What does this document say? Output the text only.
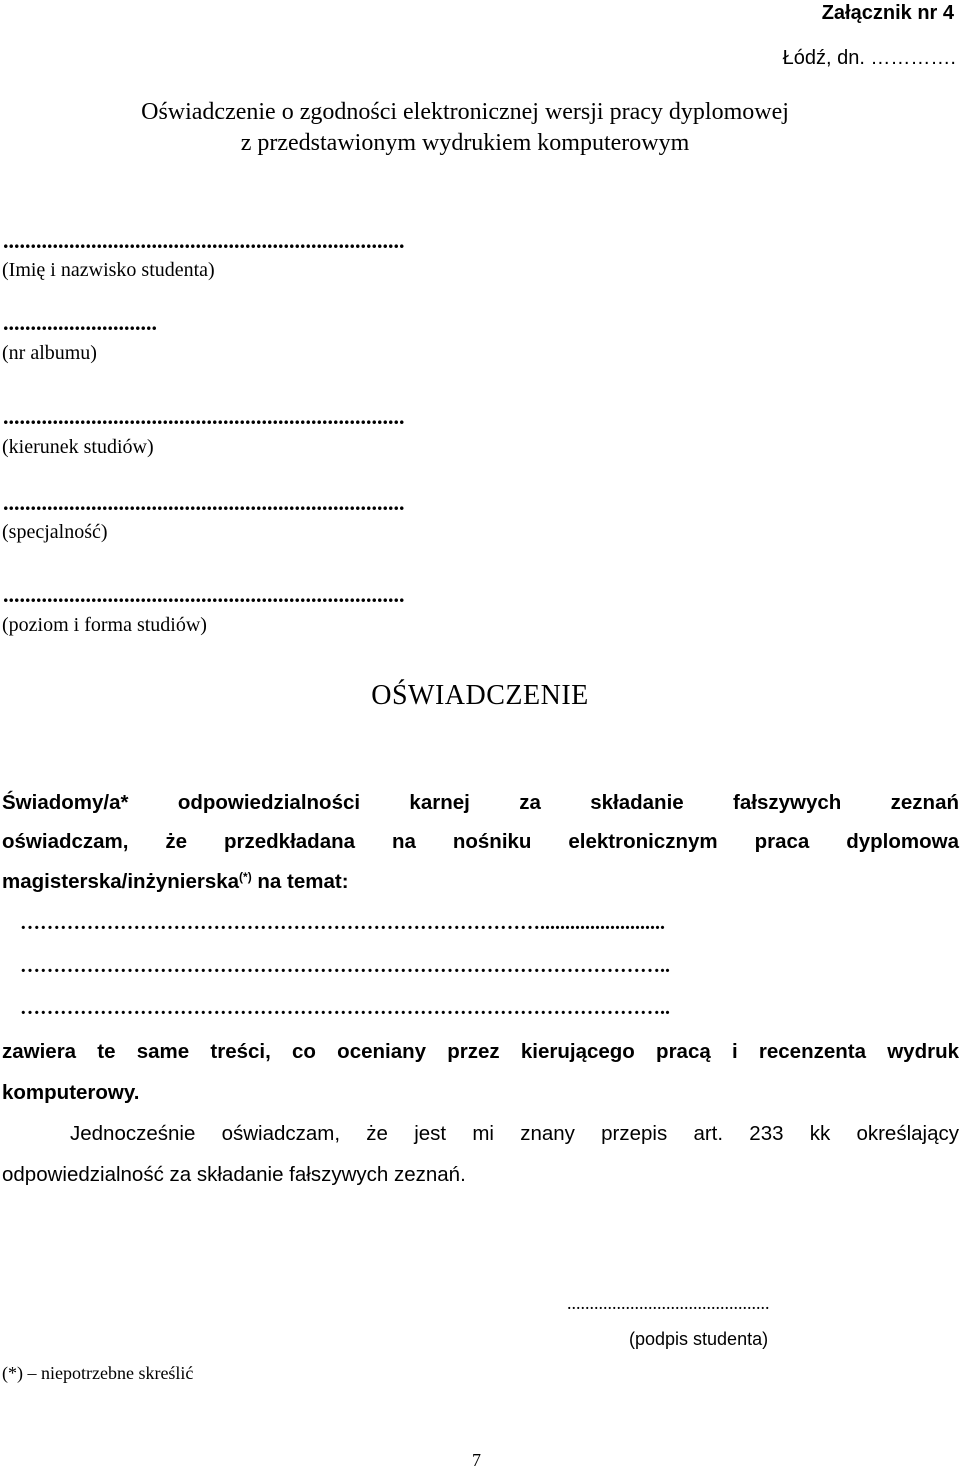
Załącznik nr 4
Łódź, dn. ………….
Oświadczenie o zgodności elektronicznej wersji pracy dyplomowej
z przedstawionym wydrukiem komputerowym
.........................................................................
(Imię i nazwisko studenta)
............................
(nr albumu)
.........................................................................
(kierunek studiów)
.........................................................................
(specjalność)
.........................................................................
(poziom i forma studiów)
OŚWIADCZENIE
Świadomy/a* odpowiedzialności karnej za składanie fałszywych zeznań
oświadczam, że przedkładana na nośniku elektronicznym praca dyplomowa
magisterska/inżynierska(*) na temat:
…………………………………………………………………….........................
……………………………………………………………………………………..
……………………………………………………………………………………..
zawiera te same treści, co oceniany przez kierującego pracą i recenzenta wydruk
komputerowy.
Jednocześnie oświadczam, że jest mi znany przepis art. 233 kk określający
odpowiedzialność za składanie fałszywych zeznań.
.............................................
(podpis studenta)
(*) – niepotrzebne skreślić
7
